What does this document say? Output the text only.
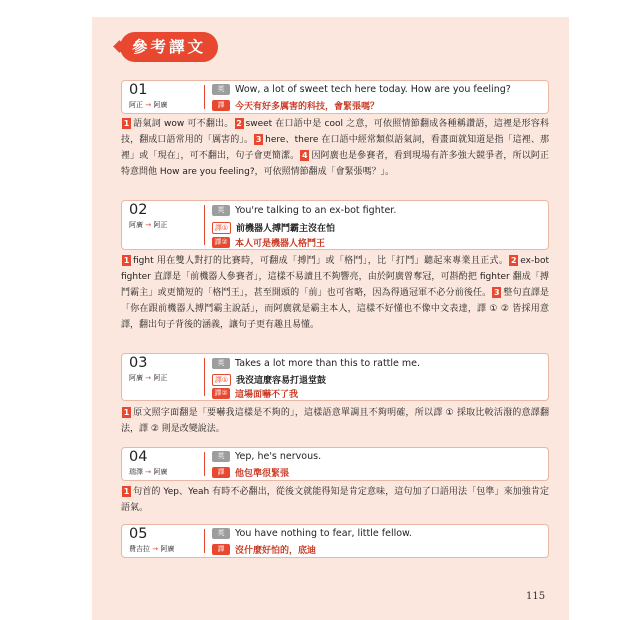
參考譯文
01
阿正 → 阿廣
英	Wow, a lot of sweet tech here today. How are you feeling?
譯	今天有好多厲害的科技，會緊張嗎？
1 語氣詞 wow 可不翻出。 2 sweet 在口語中是 cool 之意，可依照情節翻成各種稱讚語，這裡是形容科技，翻成口語常用的「厲害的」。 3 here、there 在口語中經常類似語氣詞，看畫面就知道是指「這裡、那裡」或「現在」，可不翻出，句子會更簡潔。 4 因阿廣也是參賽者，看到現場有許多強大競爭者，所以阿正特意問他 How are you feeling?，可依照情節翻成「會緊張嗎？」。
02
阿廣 → 阿正
英	You're talking to an ex-bot fighter.
譯① 前機器人搏鬥霸主沒在怕
譯② 本人可是機器人格鬥王
1 fight 用在雙人對打的比賽時，可翻成「搏鬥」或「格鬥」，比「打鬥」聽起來專業且正式。 2 ex-bot fighter 直譯是「前機器人參賽者」，這樣不易讀且不夠響亮，由於阿廣曾奪冠，可斟酌把 fighter 翻成「搏鬥霸主」或更簡短的「格鬥王」，甚至開頭的「前」也可省略，因為得過冠軍不必分前後任。 3 整句直譯是「你在跟前機器人搏鬥霸主說話」，而阿廣就是霸主本人，這樣不好懂也不像中文表達，譯 ① ② 皆採用意譯，翻出句子背後的涵義，讓句子更有趣且易懂。
03
阿廣 → 阿正
英	Takes a lot more than this to rattle me.
譯① 我沒這麼容易打退堂鼓
譯② 這場面嚇不了我
1 原文照字面翻是「要嚇我這樣是不夠的」，這樣語意單調且不夠明確，所以譯 ① 採取比較活潑的意譯翻法，譯 ② 則是改變說法。
04
瑞澤 → 阿廣
英	Yep, he's nervous.
譯	他包準很緊張
1 句首的 Yep、Yeah 有時不必翻出，從後文就能得知是肯定意味，這句加了口語用法「包準」來加強肯定語氣。
05
費吉拉 → 阿廣
英	You have nothing to fear, little fellow.
譯	沒什麼好怕的，底迪
115
